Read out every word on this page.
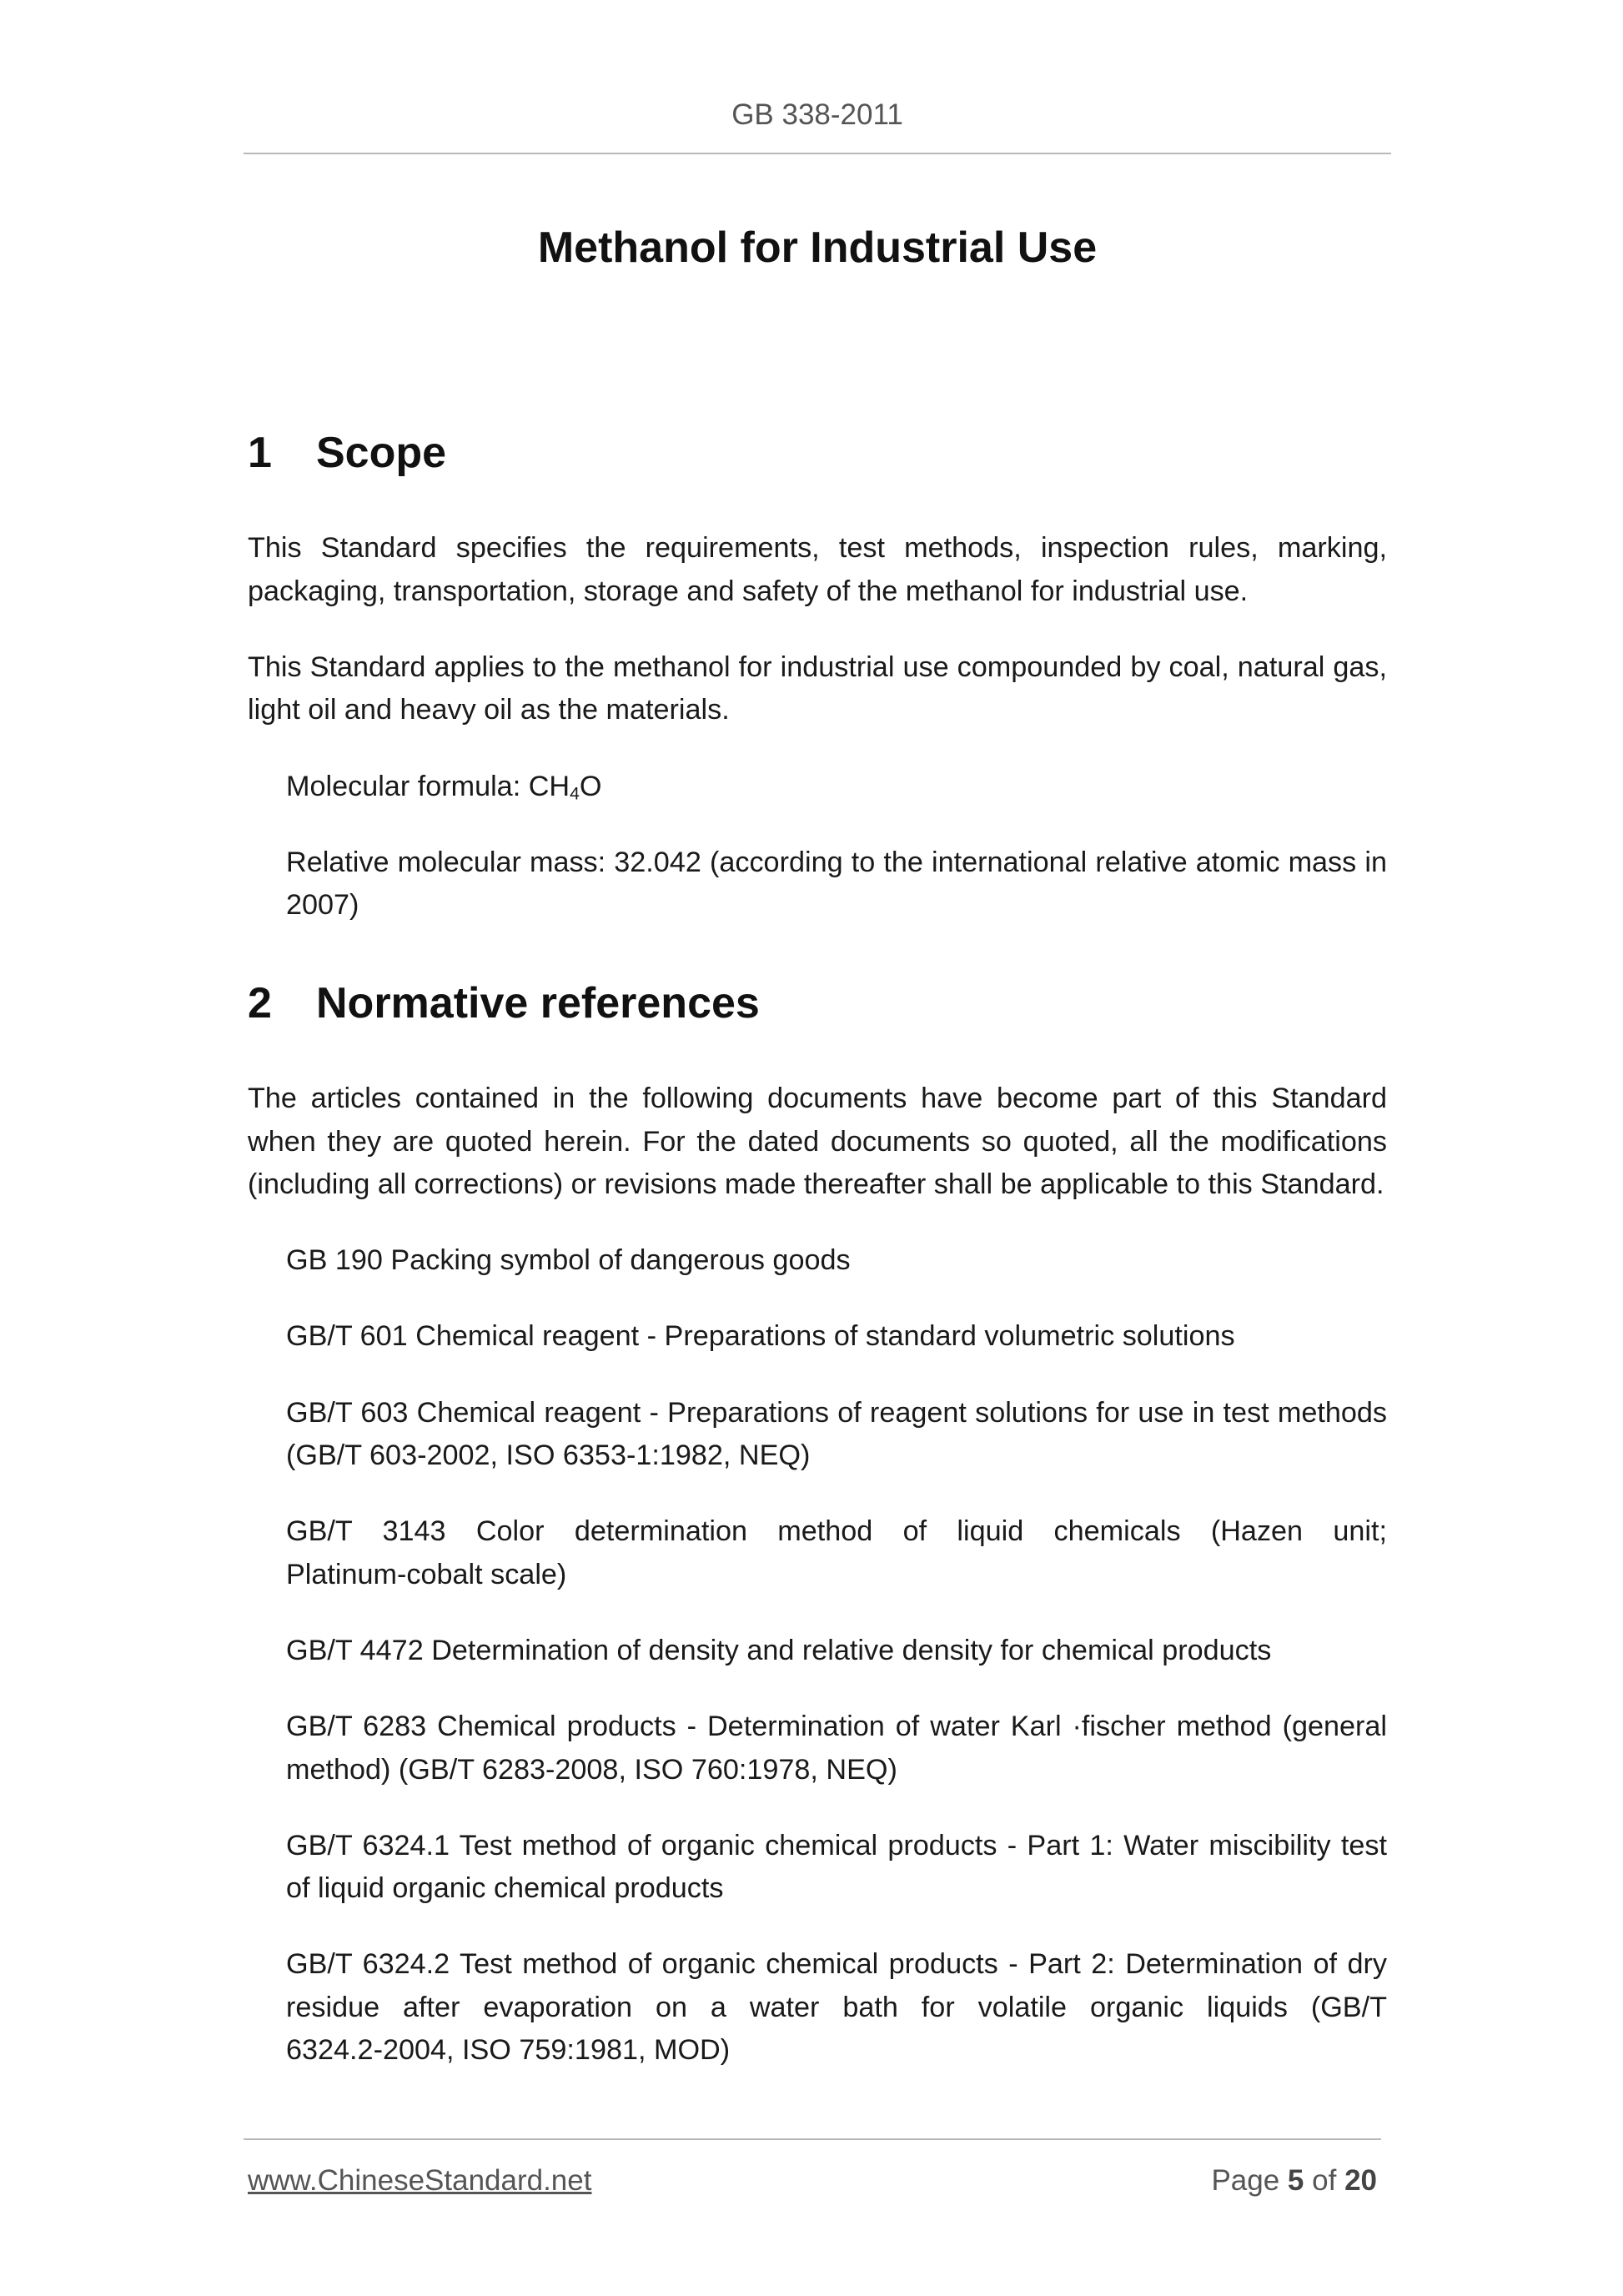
GB 338-2011
Methanol for Industrial Use
1	Scope
This Standard specifies the requirements, test methods, inspection rules, marking,
packaging, transportation, storage and safety of the methanol for industrial use.
This Standard applies to the methanol for industrial use compounded by coal, natural gas,
light oil and heavy oil as the materials.
Molecular formula: $CH_4O$
Relative molecular mass: 32.042 (according to the international relative atomic mass in
2007)
2	Normative references
The articles contained in the following documents have become part of this Standard
when they are quoted herein. For the dated documents so quoted, all the modifications
(including all corrections) or revisions made thereafter shall be applicable to this Standard.
GB 190 Packing symbol of dangerous goods
GB/T 601 Chemical reagent - Preparations of standard volumetric solutions
GB/T 603 Chemical reagent - Preparations of reagent solutions for use in test methods
(GB/T 603-2002, ISO 6353-1:1982, NEQ)
GB/T 3143 Color determination method of liquid chemicals (Hazen unit;
Platinum-cobalt scale)
GB/T 4472 Determination of density and relative density for chemical products
GB/T 6283 Chemical products - Determination of water Karl ·fischer method (general
method) (GB/T 6283-2008, ISO 760:1978, NEQ)
GB/T 6324.1 Test method of organic chemical products - Part 1: Water miscibility test
of liquid organic chemical products
GB/T 6324.2 Test method of organic chemical products - Part 2: Determination of dry
residue after evaporation on a water bath for volatile organic liquids (GB/T
6324.2-2004, ISO 759:1981, MOD)
www.ChineseStandard.net	Page 5 of 20
